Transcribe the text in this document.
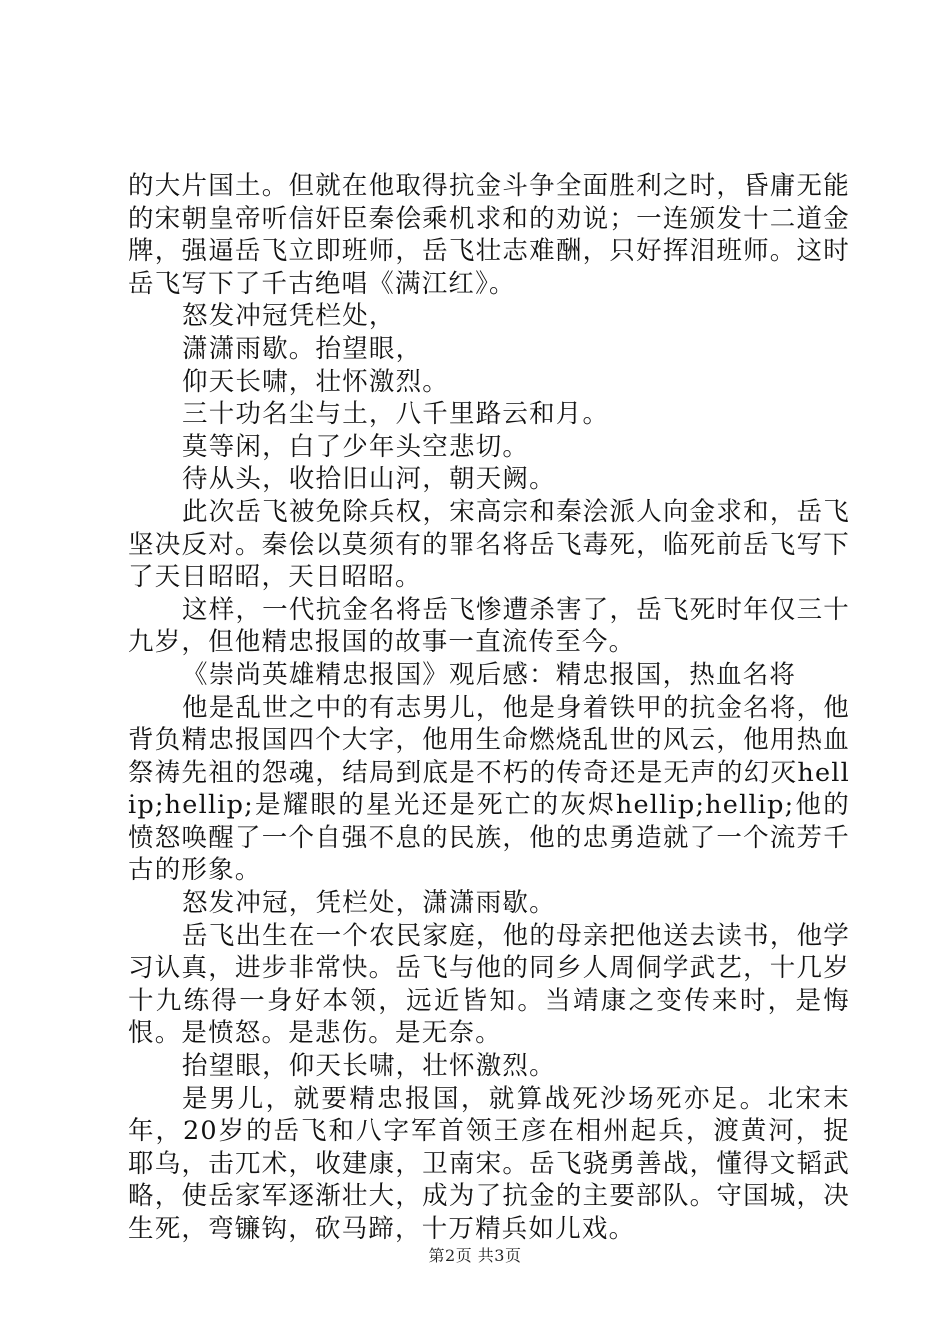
的大片国土。但就在他取得抗金斗争全面胜利之时，昏庸无能的宋朝皇帝听信奸臣秦侩乘机求和的劝说；一连颁发十二道金牌，强逼岳飞立即班师，岳飞壮志难酬，只好挥泪班师。这时岳飞写下了千古绝唱《满江红》。

怒发冲冠凭栏处，

潇潇雨歇。抬望眼，

仰天长啸，壮怀激烈。

三十功名尘与土，八千里路云和月。

莫等闲，白了少年头空悲切。

待从头，收拾旧山河，朝天阙。

此次岳飞被免除兵权，宋高宗和秦浍派人向金求和，岳飞坚决反对。秦侩以莫须有的罪名将岳飞毒死，临死前岳飞写下了天日昭昭，天日昭昭。

这样，一代抗金名将岳飞惨遭杀害了，岳飞死时年仅三十九岁，但他精忠报国的故事一直流传至今。

《崇尚英雄精忠报国》观后感：精忠报国，热血名将

他是乱世之中的有志男儿，他是身着铁甲的抗金名将，他背负精忠报国四个大字，他用生命燃烧乱世的风云，他用热血祭祷先祖的怨魂，结局到底是不朽的传奇还是无声的幻灭hellip;hellip;是耀眼的星光还是死亡的灰烬hellip;hellip;他的愤怒唤醒了一个自强不息的民族，他的忠勇造就了一个流芳千古的形象。

怒发冲冠，凭栏处，潇潇雨歇。

岳飞出生在一个农民家庭，他的母亲把他送去读书，他学习认真，进步非常快。岳飞与他的同乡人周侗学武艺，十几岁十九练得一身好本领，远近皆知。当靖康之变传来时，是悔恨。是愤怒。是悲伤。是无奈。

抬望眼，仰天长啸，壮怀激烈。

是男儿，就要精忠报国，就算战死沙场死亦足。北宋末年，20岁的岳飞和八字军首领王彦在相州起兵，渡黄河，捉耶乌，击兀术，收建康，卫南宋。岳飞骁勇善战，懂得文韬武略，使岳家军逐渐壮大，成为了抗金的主要部队。守国城，决生死，弯镰钩，砍马蹄，十万精兵如儿戏。

第2页 共3页
